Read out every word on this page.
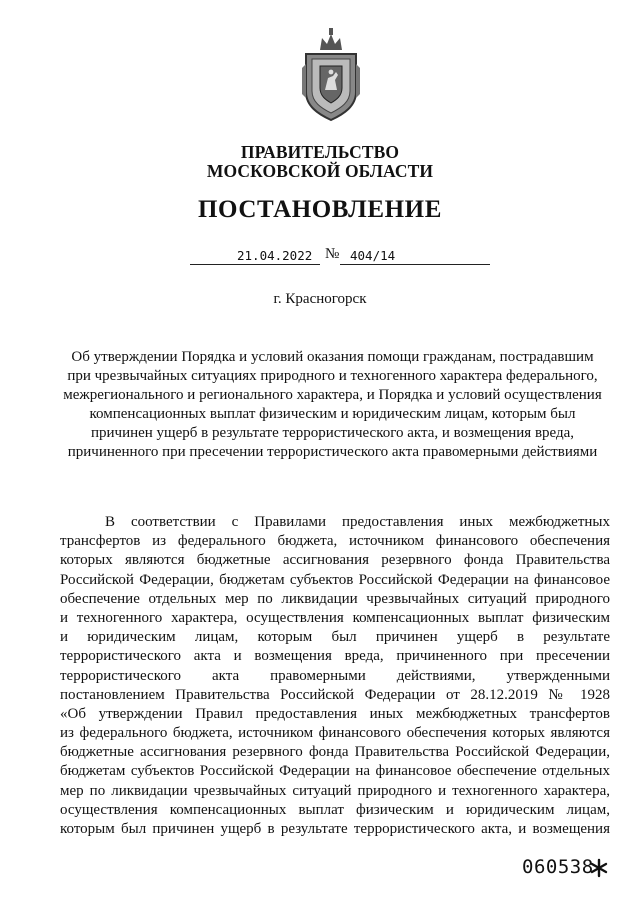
ПРАВИТЕЛЬСТВО
МОСКОВСКОЙ ОБЛАСТИ
ПОСТАНОВЛЕНИЕ
21.04.2022 № 404/14
г. Красногорск
Об утверждении Порядка и условий оказания помощи гражданам, пострадавшим
при чрезвычайных ситуациях природного и техногенного характера федерального,
межрегионального и регионального характера, и Порядка и условий осуществления
компенсационных выплат физическим и юридическим лицам, которым был
причинен ущерб в результате террористического акта, и возмещения вреда,
причиненного при пресечении террористического акта правомерными действиями
В соответствии с Правилами предоставления иных межбюджетных
трансфертов из федерального бюджета, источником финансового обеспечения
которых являются бюджетные ассигнования резервного фонда Правительства
Российской Федерации, бюджетам субъектов Российской Федерации на финансовое
обеспечение отдельных мер по ликвидации чрезвычайных ситуаций природного
и техногенного характера, осуществления компенсационных выплат физическим
и юридическим лицам, которым был причинен ущерб в результате
террористического акта и возмещения вреда, причиненного при пресечении
террористического акта правомерными действиями, утвержденными
постановлением Правительства Российской Федерации от 28.12.2019 № 1928
«Об утверждении Правил предоставления иных межбюджетных трансфертов
из федерального бюджета, источником финансового обеспечения которых являются
бюджетные ассигнования резервного фонда Правительства Российской Федерации,
бюджетам субъектов Российской Федерации на финансовое обеспечение отдельных
мер по ликвидации чрезвычайных ситуаций природного и техногенного характера,
осуществления компенсационных выплат физическим и юридическим лицам,
которым был причинен ущерб в результате террористического акта, и возмещения
060538
